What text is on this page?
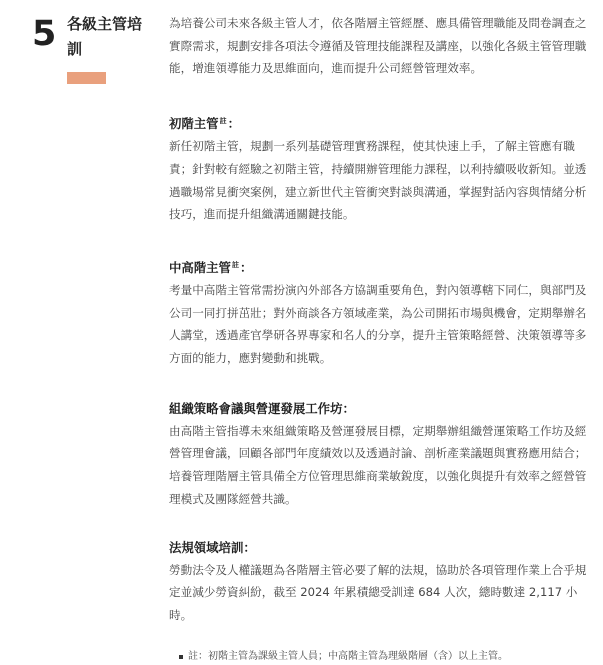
5 各級主管培訓

為培養公司未來各級主管人才，依各階層主管經歷、應具備管理職能及問卷調查之實際需求，規劃安排各項法令遵循及管理技能課程及講座，以強化各級主管管理職能，增進領導能力及思維面向，進而提升公司經營管理效率。

初階主管$^註$：

新任初階主管，規劃一系列基礎管理實務課程，使其快速上手，了解主管應有職責；針對較有經驗之初階主管，持續開辦管理能力課程，以利持續吸收新知。並透過職場常見衝突案例，建立新世代主管衝突對談與溝通，掌握對話內容與情緒分析技巧，進而提升組織溝通關鍵技能。

中高階主管$^註$：

考量中高階主管常需扮演內外部各方協調重要角色，對內領導轄下同仁，與部門及公司一同打拼茁壯；對外商談各方領域產業，為公司開拓市場與機會，定期舉辦名人講堂，透過產官學研各界專家和名人的分享，提升主管策略經營、決策領導等多方面的能力，應對變動和挑戰。

組織策略會議與營運發展工作坊：

由高階主管指導未來組織策略及營運發展目標，定期舉辦組織營運策略工作坊及經營管理會議，回顧各部門年度績效以及透過討論、剖析產業議題與實務應用結合；培養管理階層主管具備全方位管理思維商業敏銳度，以強化與提升有效率之經營管理模式及團隊經營共識。

法規領域培訓：

勞動法令及人權議題為各階層主管必要了解的法規，協助於各項管理作業上合乎規定並減少勞資糾紛，截至 2024 年累積總受訓達 684 人次，總時數達 2,117 小時。

註：初階主管為課級主管人員；中高階主管為理級階層（含）以上主管。
